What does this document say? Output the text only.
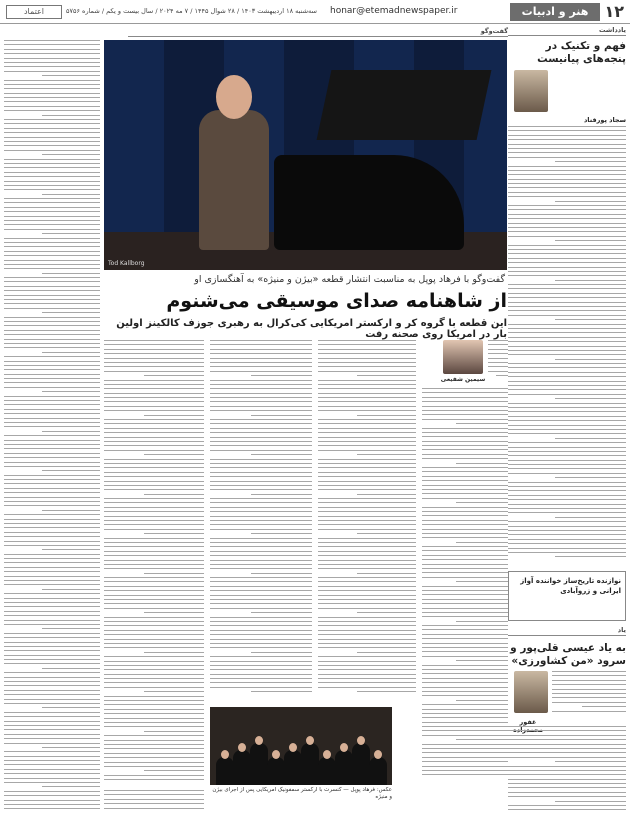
۱۲
هنر و ادبیات
honar@etemadnewspaper.ir
سه‌شنبه ۱۸ اردیبهشت ۱۴۰۳ / ۲۸ شوال ۱۴۴۵ / ۷ مه ۲۰۲۴ / سال بیست و یکم / شماره ۵۷۵۶
اعتماد
یادداشت
فهم و تکنیک در پنجه‌های پیانیست
سجاد پورقناد
نوازنده تاریخ‌ساز خواننده آواز ایرانی و زروآبادی
یاد
به یاد عیسی قلی‌پور و سرود «من کشاورزی»
غفور
گفت‌وگو
Tod Kallborg
گفت‌وگو با فرهاد پوپل به مناسبت انتشار قطعه «بیژن و منیژه» به آهنگسازی او
از شاهنامه صدای موسیقی می‌شنوم
این قطعه با گروه کر و ارکستر امریکایی کی‌کرال به رهبری جوزف کالکینز اولین بار در امریکا روی صحنه رفت
سیمین‌ شفیعی
عکس: فرهاد پوپل — کنسرت با ارکستر سمفونیک امریکایی پس از اجرای بیژن و منیژه
